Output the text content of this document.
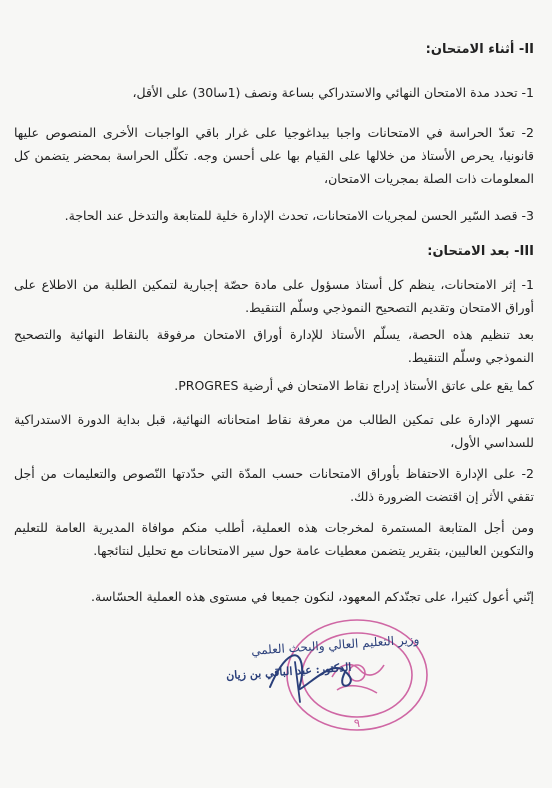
II- أثناء الامتحان:
1- تحدد مدة الامتحان النهائي والاستدراكي بساعة ونصف (1سا30) على الأقل،
2- تعدّ الحراسة في الامتحانات واجبا بيداغوجيا على غرار باقي الواجبات الأخرى المنصوص عليها قانونيا، يحرص الأستاذ من خلالها على القيام بها على أحسن وجه. تكلّل الحراسة بمحضر يتضمن كل المعلومات ذات الصلة بمجريات الامتحان،
3- قصد السّير الحسن لمجريات الامتحانات، تحدث الإدارة خلية للمتابعة والتدخل عند الحاجة.
III- بعد الامتحان:
1- إثر الامتحانات، ينظم كل أستاذ مسؤول على مادة حصّة إجبارية لتمكين الطلبة من الاطلاع على أوراق الامتحان وتقديم التصحيح النموذجي وسلّم التنقيط.
بعد تنظيم هذه الحصة، يسلّم الأستاذ للإدارة أوراق الامتحان مرفوقة بالنقاط النهائية والتصحيح النموذجي وسلّم التنقيط.
كما يقع على عاتق الأستاذ إدراج نقاط الامتحان في أرضية PROGRES.
تسهر الإدارة على تمكين الطالب من معرفة نقاط امتحاناته النهائية، قبل بداية الدورة الاستدراكية للسداسي الأول،
2- على الإدارة الاحتفاظ بأوراق الامتحانات حسب المدّة التي حدّدتها النّصوص والتعليمات من أجل تقفي الأثر إن اقتضت الضرورة ذلك.
ومن أجل المتابعة المستمرة لمخرجات هذه العملية، أطلب منكم موافاة المديرية العامة للتعليم والتكوين العاليين، بتقرير يتضمن معطيات عامة حول سير الامتحانات مع تحليل لنتائجها.
إنّني أعول كثيرا، على تجنّدكم المعهود، لنكون جميعا في مستوى هذه العملية الحسّاسة.
٩
وزير التعليم العالي والبحث العلمي
الدكتور: عبد الباقي بن زيان
